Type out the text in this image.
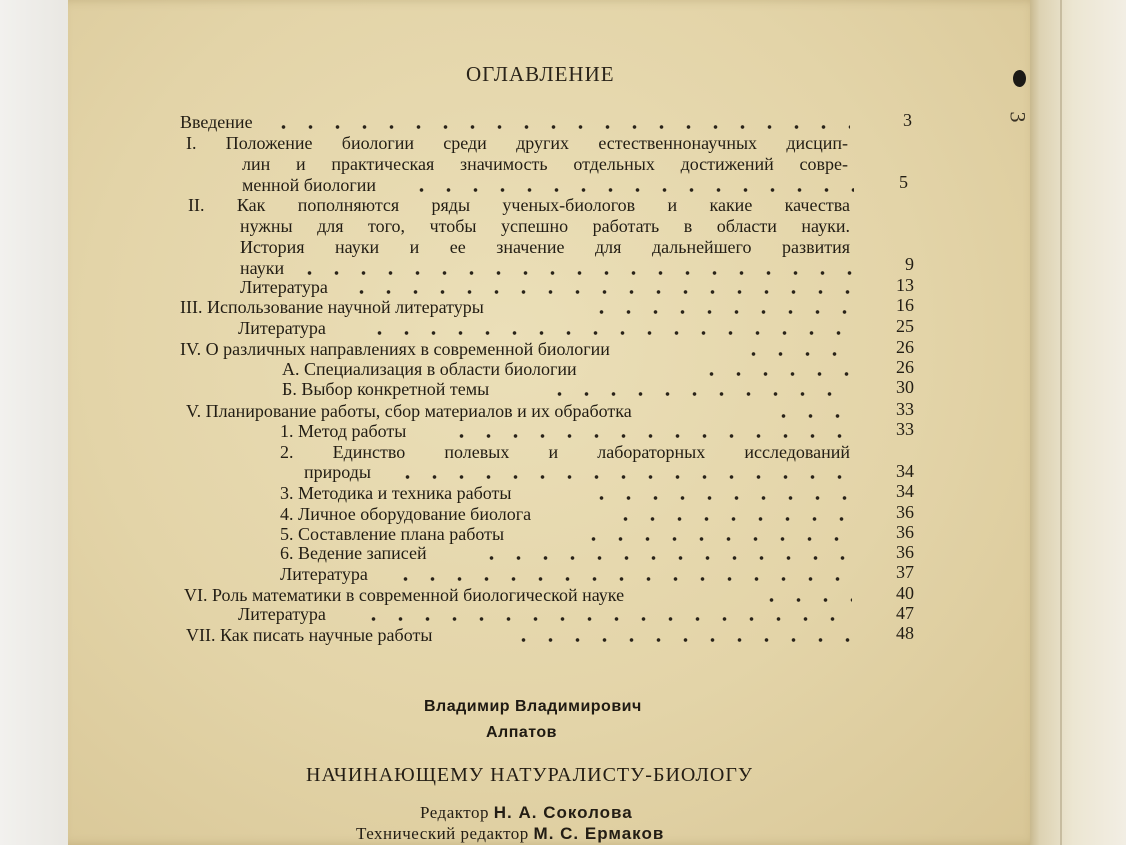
3
ОГЛАВЛЕНИЕ
Введение	3
I. Положение биологии среди других естественнонаучных дисцип-
лин и практическая значимость отдельных достижений совре-
менной биологии	5
II. Как пополняются ряды ученых-биологов и какие качества
нужны для того, чтобы успешно работать в области науки.
История науки и ее значение для дальнейшего развития
науки	9
Литература	13
III. Использование научной литературы	16
Литература	25
IV. О различных направлениях в современной биологии	26
А. Специализация в области биологии	26
Б. Выбор конкретной темы	30
V. Планирование работы, сбор материалов и их обработка	33
1. Метод работы	33
2. Единство полевых и лабораторных исследований
природы	34
3. Методика и техника работы	34
4. Личное оборудование биолога	36
5. Составление плана работы	36
6. Ведение записей	36
Литература	37
VI. Роль математики в современной биологической науке	40
Литература	47
VII. Как писать научные работы	48
Владимир Владимирович
Алпатов
НАЧИНАЮЩЕМУ НАТУРАЛИСТУ-БИОЛОГУ
Редактор Н. А. Соколова
Технический редактор М. С. Ермаков
